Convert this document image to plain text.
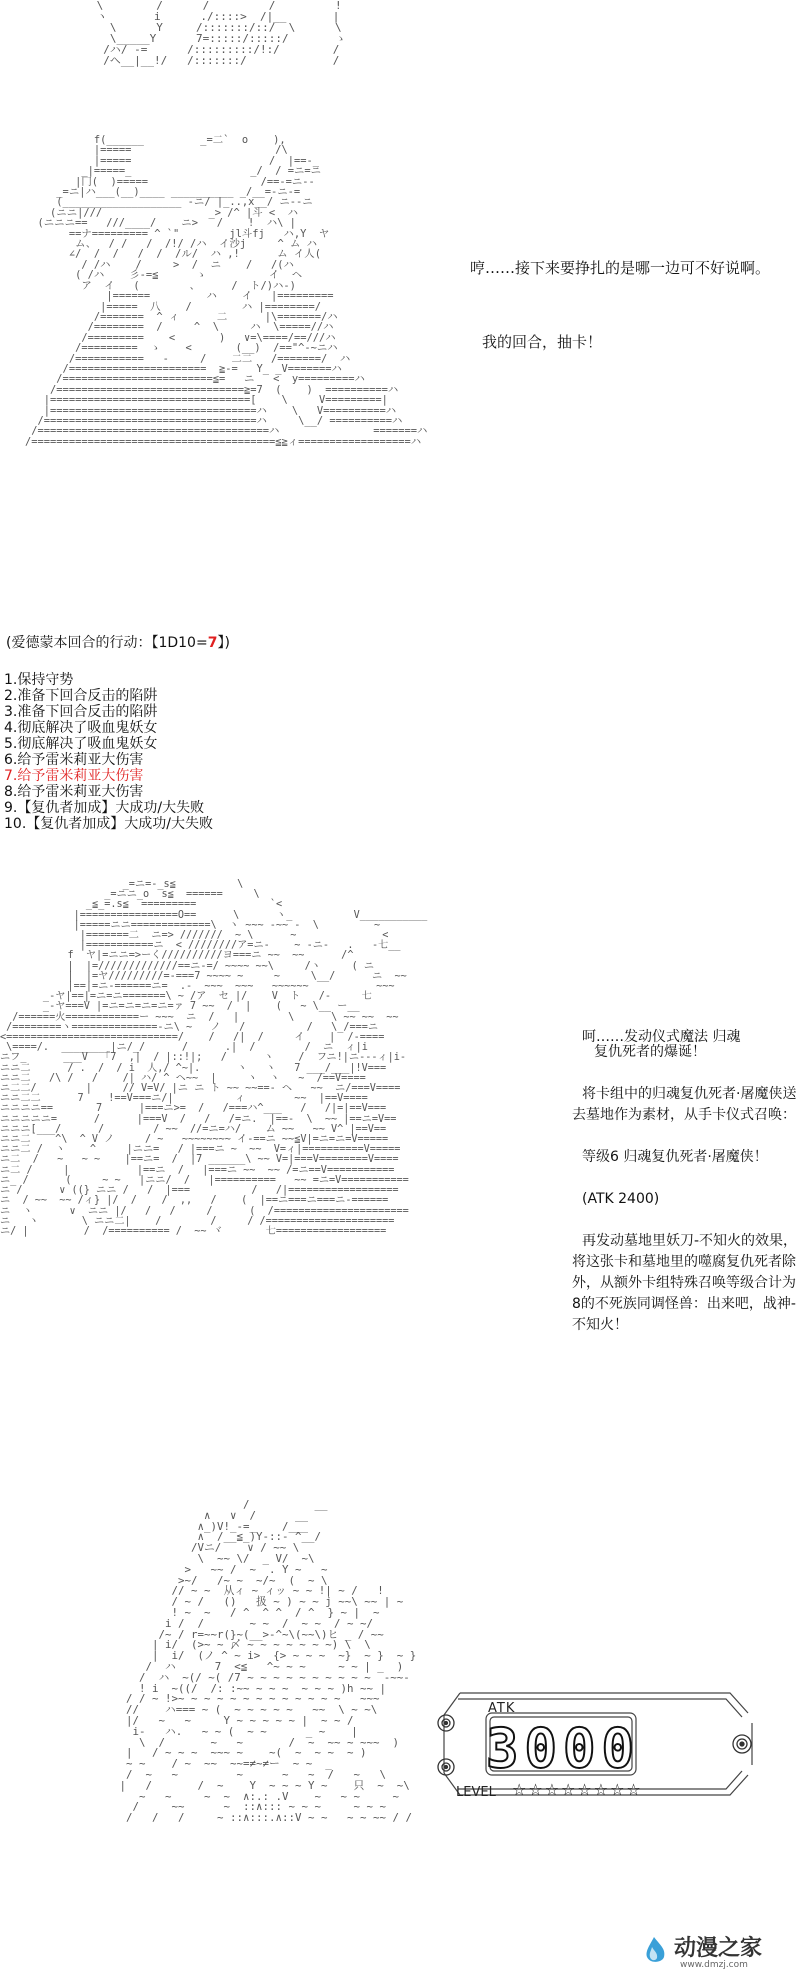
\        /      /         /         !
ヽ       i      ./::::>  /|__       |
\      Y     /:::::::/::/  \      \
\_____Y      7=:::::/:::::/       ゝ
/ハ/ -=      /:::::::::/!:/        /
/ヘ__|__!/   /:::::::/             /

f(______         _=二`  o    ),
|=====                       /\
|=====                      /  |==-_
_|=====_                   _/  / =ニ=ニ
|冂(  )=====                  /==-=ニ--
_=ニ|ハ___(__)____ __________ _/__=-ニ-=
(___________________ -ニ/ |_..,x__/ ニ--ニ
(ニニ|///                 _> /^ |斗 <  ハ
(ニニニ==   ///____/    ニ>   /    !  ハ\ |
==ナ========= ^ `"        jl斗fj   ハ,Y  ヤ
ム、  / /   /  /!/ /ハ  イ沙j     ^ ム ハ
∠/  /  /   /  /  /ル/  ハ ,!      ム イ人(
/ /ハ    /     >  /  ニ    /   /(ハ
( /ハ    彡-=≦      ゝ          イ  ヘ
ア  イ   (        、     /  ト/)ハ-)
|======         ハ    イ   |=========
|=====  八    /        ハ |========/
/=======  ^ ィ      二      |\=======/ハ
/========  /     ^  \     ハ  \=====//ハ
/=========    <       )   ∨=\====/==///ハ
/=========  ゝ    <       (__)  /=="^-~ニハ
/===========   -     /    二二   /=======/  ハ
/======================  ≧-=   Y_ _V=======ハ
/========================≦=   ニ   <  y=========ハ
/==============================≧=7  (    )  ==========ハ
|================================[    \     V=========|
|=================================ハ    \   V==========ハ
/==================================ハ     \__/ ==========ハ
/=====================================ハ               =======ハ
/=======================================≦≧ィ==================ハ

哼……接下来要挣扎的是哪一边可不好说啊。
我的回合，抽卡！
(爱德蒙本回合的行动：【1D10=7】)
1.保持守势
2.准备下回合反击的陷阱
3.准备下回合反击的陷阱
4.彻底解决了吸血鬼妖女
5.彻底解决了吸血鬼妖女
6.给予雷米莉亚大伤害
7.给予雷米莉亚大伤害
8.给予雷米莉亚大伤害
9.【复仇者加成】大成功/大失败
10.【复仇者加成】大成功/大失败
_=ニ=-_s≦          \
_=ニニ_o  s≦  ======     \
_≦_=.s≦  =========            `<
|================O==      \      ヽ_          V___________
|=====ニニ=============\  ヽ ~~~ -~~ -  \         ~
|=======二  ニ=> ///////  ~ \      ~              <
|===========ニ  < ////////ア=ニ-    ~ -ニ-   .   -七__
f  ヤ|=ニニ=>ーく//////////ヨ===ニ ~~  ~~      /^
|  |=/////////////==ニ-=/ ~~~~ ~~\     /ヽ     ( ニ
|  |=ヤ/////////=-===7 ~~~~ ~     ~     \__/      ニ  ~~
|==|=ニ-======ニ=  .-  ~~~  ~~~   ~~~~~~           ~~~
_-ヤ|==|=ニ=ニ=======\ ~ /ア  セ |/    V  ト   /-     七
_-ヤ===V |=ニ=ニ=ニ=ニ=ァ 7 ~~  /  |    (   ~ \__ ー__
/======火============ー ~~~  ニ  /   |        \      \ ~~ ~~  ~~
/========ヽ==============-ニ\ ~   ノ   /          /   \_/===ニ
<============================/    /   /|  /     イ    |  /-====
\====/.  ________|ニ/_/      /      .|  /        /  ニ  ィ|i
ニフ_      ___V  「7  ,|  / |::!|;   /      ヽ    /  フニ!|ニ---ィ|i-
ニニ二      / .  /  / i  人,/ ^~|.      ヽ   ヽ   7 ___/___|!V===
ニニ二   /\ /   /    /| ハ/ ^ ヘ~~  |     ヽ  ヽ   ~  /==V====
ニ二二/        |     // V=V/ |ニ ニ ト ~~ ~~==- ヘ   ~~  ニ/===V====
ニニ二二      7    !==V===ニ/|          ィ        ~~  |==V====
ニニニニ==       7      |===ニ>=  /   /===ハ^___   /   /|=|==V===
ニニニニニ=      /      |===V  /   /   /=ニ.  |==-  \  ~~ |==ニ=V==
ニニニ[___/      /        / ~~  //=ニ=ハ/    ム ~~   ~~ V^ |==V==
ニニ二    ^\  ^ V ノ     / ~   ~~~~~~~~ イ-==ニ ~~≦V|=ニ=ニ=V=====
ニニ二 /  ヽ    ^     |ニニ=   / |===ニ ~  ~~  V=ィ|==========V=====
ニ二  /   ~   ~ ~    |==ニ=  /  |7 ______\ ~~ V=|===V========V====
ニ二 /     |           |==ニ  /   |===ニ ~~  ~~ /=ニ==V===========
ニ_ /      (     ~ ~   |ニニ/  /   |==========   ~~ =ニ=V===========
ニ /      ∨ ((} ニニ /   /  |===          /   /|==================
ニ  / ~~  ~~ /ィ} |/  /    /  ,,   /    (  |==ニ===ニ===ニ-======
ニ  ヽ      ∨  ニニ |/   /   /     /      (  /======================
ニ   ヽ       \ ニニ二|    /        /     / /=====================
ニ/ |         /  /========== /  ~~ ヾ       七==================

呵……发动仪式魔法 归魂

复仇死者的爆诞！

将卡组中的归魂复仇死者·屠魔侠送去墓地作为素材，从手卡仪式召唤：

等级6 归魂复仇死者·屠魔侠！

(ATK 2400)

再发动墓地里妖刀-不知火的效果，将这张卡和墓地里的噬腐复仇死者除外，从额外卡组特殊召唤等级合计为8的不死族同调怪兽：出来吧，战神-不知火！

/          __
∧   ∨  /      __
∧_)V!_-=_    /___
∧  /__≦_)Y-::- ^__/
/Vニ/    ∨ / ~~ \
\  ~~ \/  _ V/  ~\
>   ~~ /  ~  . Y ~   ~
>~/   /~ ~  ~/~  (  ~ \
// ~ ~  从ィ ~ ィッ ~ ~ !| ~ /   !
/ ~ /   ()   扱 ~ ) ~ ~ j ~~\ ~~ | ~
! ~  ~   / ^  ^ ^  / ^  } ~ |  ~
i /  /       ~ ~  /  ~ ~  / ~ ~/
/~ / r=~~r(}~(__>-^~\(~~\)ヒ _ / ~~
| i/  (>~ ~ 〆 ~ ~ ~ ~ ~ ~ ~) \  \
|  i/  (ノ ^ ~ i>  {> ~ ~ ~  ~}  ~ }  ~ }
/  ハ      7  <≦   ^~ ~ ~     ~ ~ | _  )
/  ハ  ~(/ ~( /7 ~ ~ ~ ~ ~ ~ ~ ~ ~ ~  -~~-
! i  ~((/  /: :~~ ~ ~ ~  ~ ~ ~ )h ~~ |
/ / ~ !>~ ~ ~ ~ ~ ~ ~ ~ ~ ~ ~ ~ ~   ~~~
//    ハ=== ~ (  ~ ~ ~ ~ ~   ~~  \ ~ ~\
|/   ~   ~     Y ~ ~ ~ ~ ~ |  ~ ~ /
i-   ハ.   ~ ~ (  ~ ~      _ ~    |
\  /       ~   ~       /  ~  ~~ ~ ~~~  )
|   / ~ ~ ~  ~~~ ~    ~(  ~  ~ ~  ~ )
~ ~    / ~  ~~  ~~=≠~≠ー  ~ ~  _
/  ~   ~         ~      ~   ~  /   ~   \
|   /       /  ~    Y  ~ ~ ~ Y ~    只  ~  ~\
~   ~     ~  ~  ∧:.: .V    ~   ~ ~     ~
/     ~~      ~  ::∧::: ~ ~ ~     ~ ~ ~
/   /   /     ~ ::∧:::.∧::V ~ ~   ~ ~ ~~ / /

ATK
3000
LEVEL ☆☆☆☆☆☆☆☆
动漫之家
www.dmzj.com
